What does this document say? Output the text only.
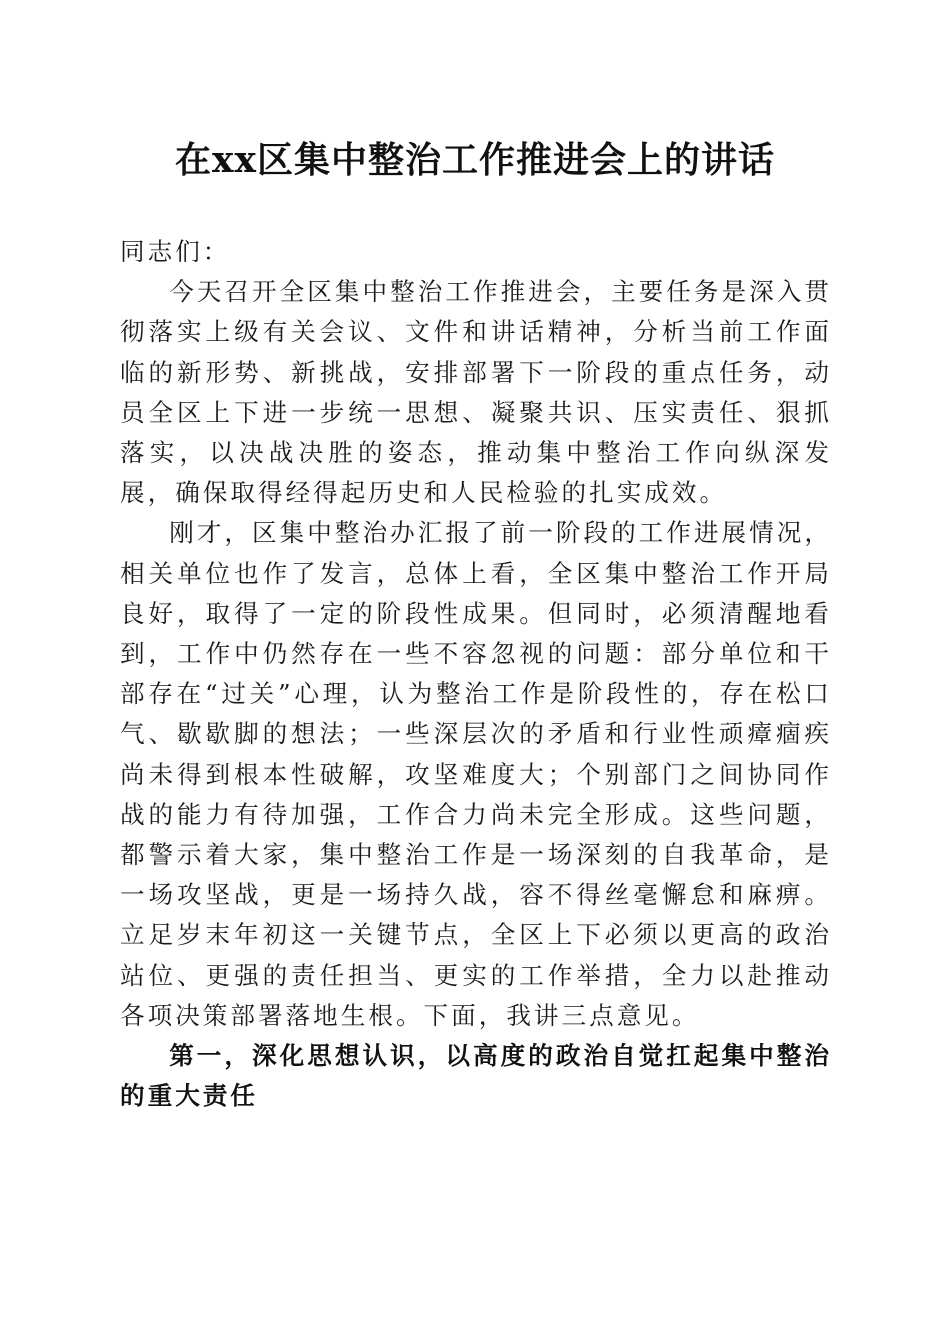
在xx区集中整治工作推进会上的讲话

同志们：

今天召开全区集中整治工作推进会，主要任务是深入贯彻落实上级有关会议、文件和讲话精神，分析当前工作面临的新形势、新挑战，安排部署下一阶段的重点任务，动员全区上下进一步统一思想、凝聚共识、压实责任、狠抓落实，以决战决胜的姿态，推动集中整治工作向纵深发展，确保取得经得起历史和人民检验的扎实成效。

刚才，区集中整治办汇报了前一阶段的工作进展情况，相关单位也作了发言，总体上看，全区集中整治工作开局良好，取得了一定的阶段性成果。但同时，必须清醒地看到，工作中仍然存在一些不容忽视的问题：部分单位和干部存在“过关”心理，认为整治工作是阶段性的，存在松口气、歇歇脚的想法；一些深层次的矛盾和行业性顽瘴痼疾尚未得到根本性破解，攻坚难度大；个别部门之间协同作战的能力有待加强，工作合力尚未完全形成。这些问题，都警示着大家，集中整治工作是一场深刻的自我革命，是一场攻坚战，更是一场持久战，容不得丝毫懈怠和麻痹。立足岁末年初这一关键节点，全区上下必须以更高的政治站位、更强的责任担当、更实的工作举措，全力以赴推动各项决策部署落地生根。下面，我讲三点意见。

第一，深化思想认识，以高度的政治自觉扛起集中整治的重大责任
